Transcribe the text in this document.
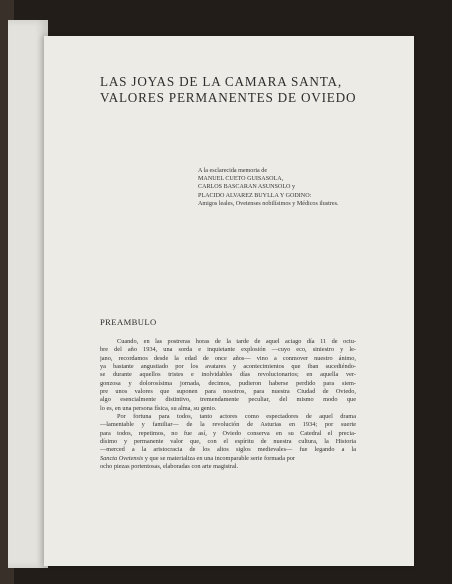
LAS JOYAS DE LA CAMARA SANTA,
VALORES PERMANENTES DE OVIEDO
A la esclarecida memoria de
MANUEL CUETO GUISASOLA,
CARLOS BASCARAN ASUNSOLO y
PLACIDO ALVAREZ BUYLLA Y GODINO:
Amigos leales, Ovetenses nobilísimos y Médicos ilustres.
PREAMBULO
Cuando, en las postreras horas de la tarde de aquel aciago día 11 de octu-
bre del año 1934, una sorda e inquietante explosión —cuyo eco, siniestro y le-
jano, recordamos desde la edad de once años— vino a conmover nuestro ánimo,
ya bastante angustiado por los avatares y acontecimientos que iban sucediéndo-
se durante aquellos tristes e inolvidables días revolucionarios; en aquella ver-
gonzosa y dolorosísima jornada, decimos, pudieron haberse perdido para siem-
pre unos valores que suponen para nosotros, para nuestra Ciudad de Oviedo,
algo esencialmente distintivo, tremendamente peculiar, del mismo modo que
lo es, en una persona física, su alma, su genio.
Por fortuna para todos, tanto actores como espectadores de aquel drama
—lamentable y familiar— de la revolución de Asturias en 1934; por suerte
para todos, repetimos, no fue así, y Oviedo conserva en su Catedral el precia-
dísimo y permanente valor que, con el espíritu de nuestra cultura, la Historia
—merced a la aristocracia de los altos siglos medievales— fue legando a la
Sancta Ovetensis y que se materializa en una incomparable serie formada por
ocho piezas portentosas, elaboradas con arte magistral.
